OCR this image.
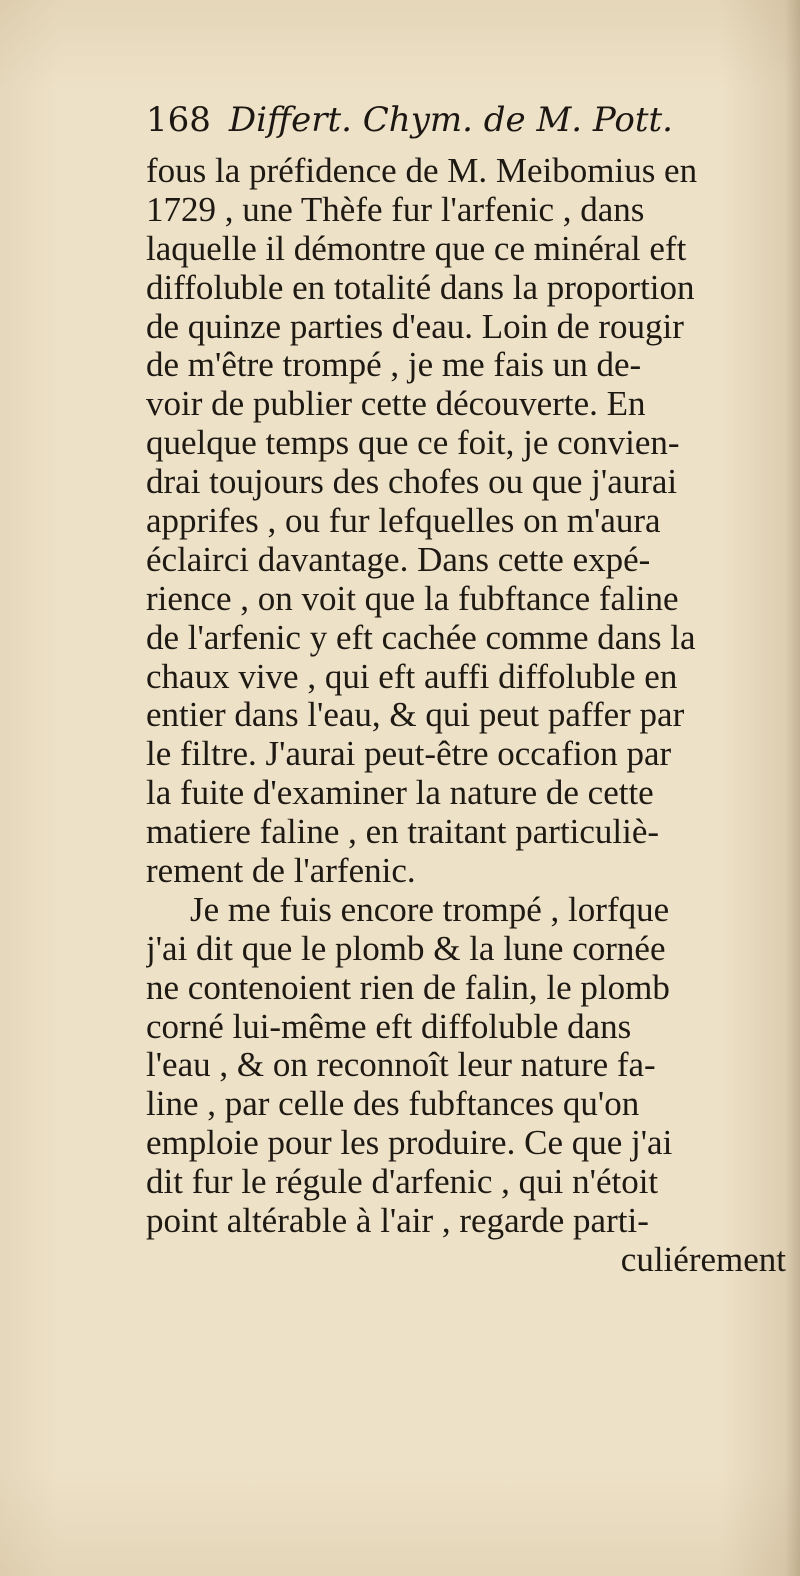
168 Differt. Chym. de M. Pott.
fous la préfidence de M. Meibomius en
1729 , une Thèfe fur l'arfenic , dans
laquelle il démontre que ce minéral eft
diffoluble en totalité dans la proportion
de quinze parties d'eau. Loin de rougir
de m'être trompé , je me fais un de-
voir de publier cette découverte. En
quelque temps que ce foit, je convien-
drai toujours des chofes ou que j'aurai
apprifes , ou fur lefquelles on m'aura
éclairci davantage. Dans cette expé-
rience , on voit que la fubftance faline
de l'arfenic y eft cachée comme dans la
chaux vive , qui eft auffi diffoluble en
entier dans l'eau, & qui peut paffer par
le filtre. J'aurai peut-être occafion par
la fuite d'examiner la nature de cette
matiere faline , en traitant particuliè-
rement de l'arfenic.
Je me fuis encore trompé , lorfque
j'ai dit que le plomb & la lune cornée
ne contenoient rien de falin, le plomb
corné lui-même eft diffoluble dans
l'eau , & on reconnoît leur nature fa-
line , par celle des fubftances qu'on
emploie pour les produire. Ce que j'ai
dit fur le régule d'arfenic , qui n'étoit
point altérable à l'air , regarde parti-
culiérement
